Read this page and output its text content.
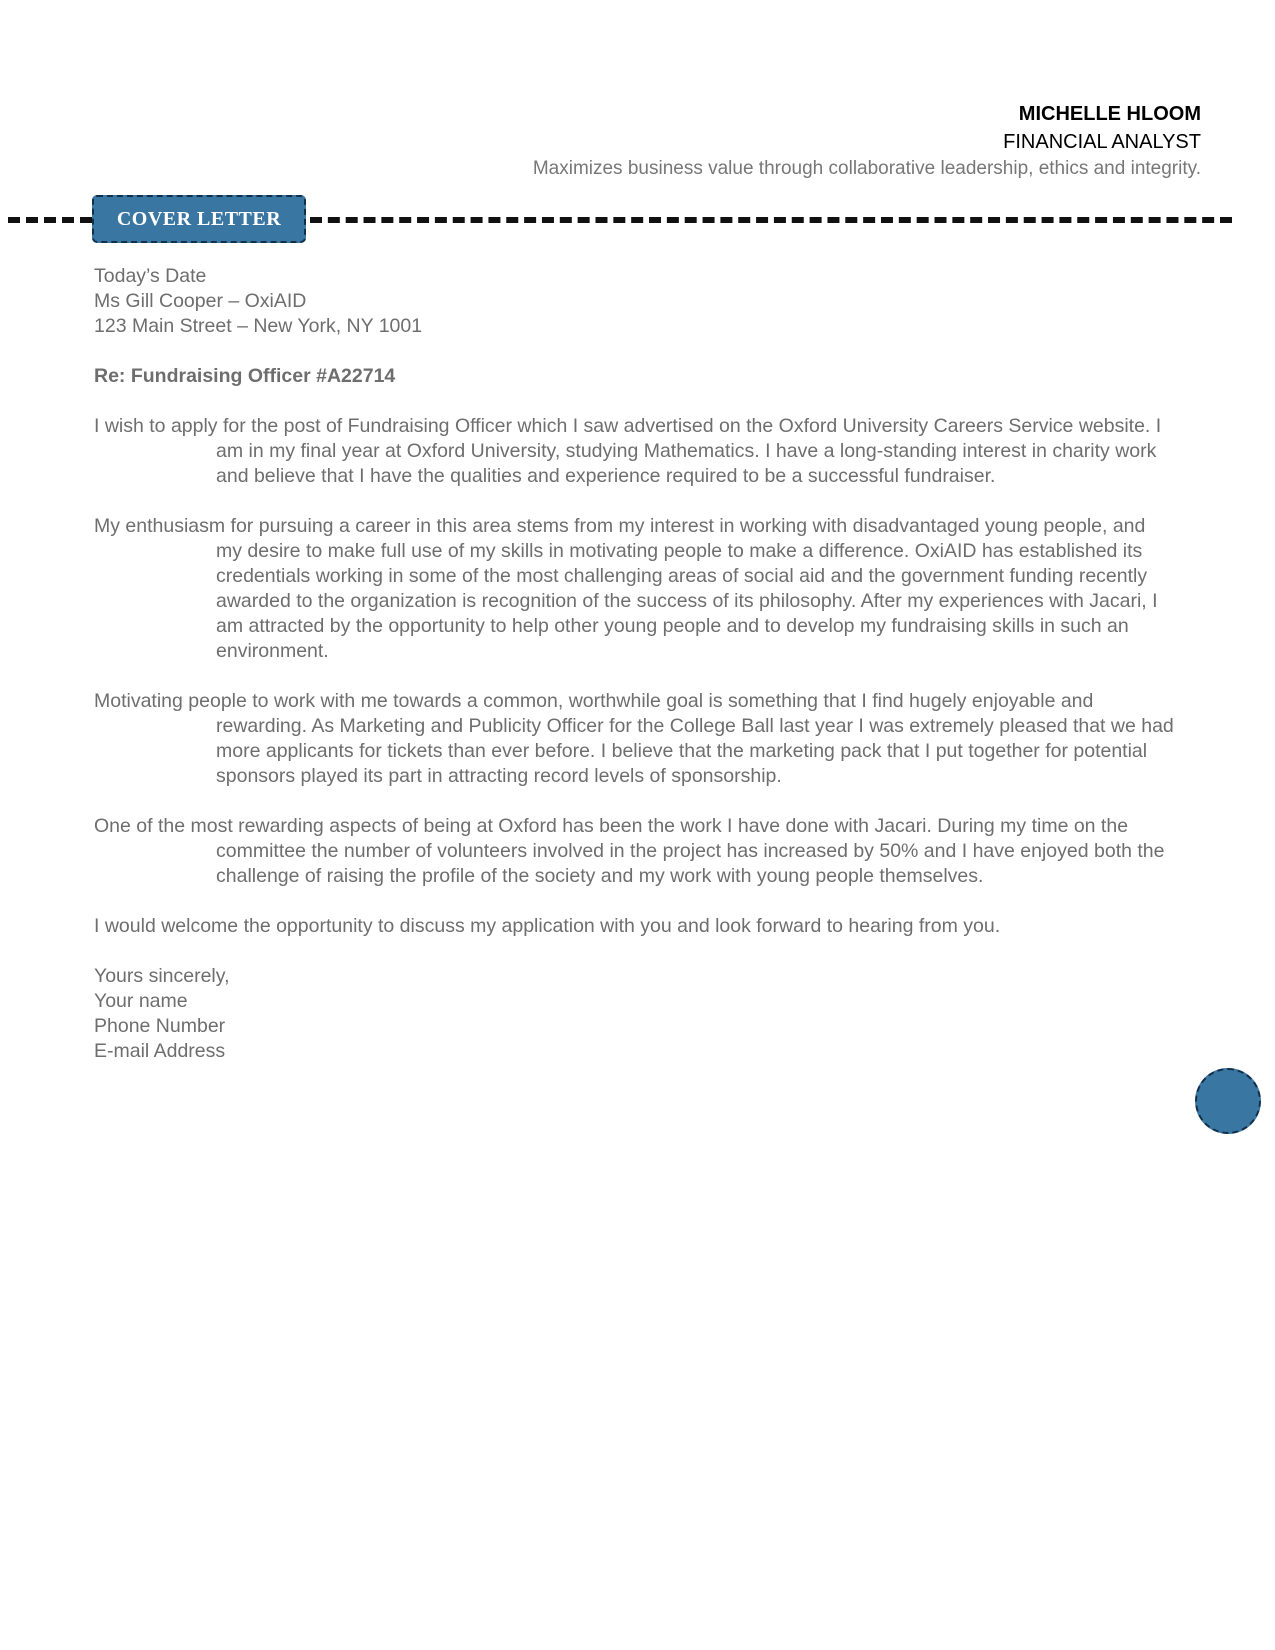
MICHELLE HLOOM
FINANCIAL ANALYST
Maximizes business value through collaborative leadership, ethics and integrity.
COVER LETTER
Today’s Date
Ms Gill Cooper – OxiAID
123 Main Street – New York, NY 1001
Re: Fundraising Officer #A22714
I wish to apply for the post of Fundraising Officer which I saw advertised on the Oxford University Careers Service website. I am in my final year at Oxford University, studying Mathematics. I have a long-standing interest in charity work and believe that I have the qualities and experience required to be a successful fundraiser.
My enthusiasm for pursuing a career in this area stems from my interest in working with disadvantaged young people, and my desire to make full use of my skills in motivating people to make a difference. OxiAID has established its credentials working in some of the most challenging areas of social aid and the government funding recently awarded to the organization is recognition of the success of its philosophy. After my experiences with Jacari, I am attracted by the opportunity to help other young people and to develop my fundraising skills in such an environment.
Motivating people to work with me towards a common, worthwhile goal is something that I find hugely enjoyable and rewarding. As Marketing and Publicity Officer for the College Ball last year I was extremely pleased that we had more applicants for tickets than ever before. I believe that the marketing pack that I put together for potential sponsors played its part in attracting record levels of sponsorship.
One of the most rewarding aspects of being at Oxford has been the work I have done with Jacari. During my time on the committee the number of volunteers involved in the project has increased by 50% and I have enjoyed both the challenge of raising the profile of the society and my work with young people themselves.
I would welcome the opportunity to discuss my application with you and look forward to hearing from you.
Yours sincerely,
Your name
Phone Number
E-mail Address
